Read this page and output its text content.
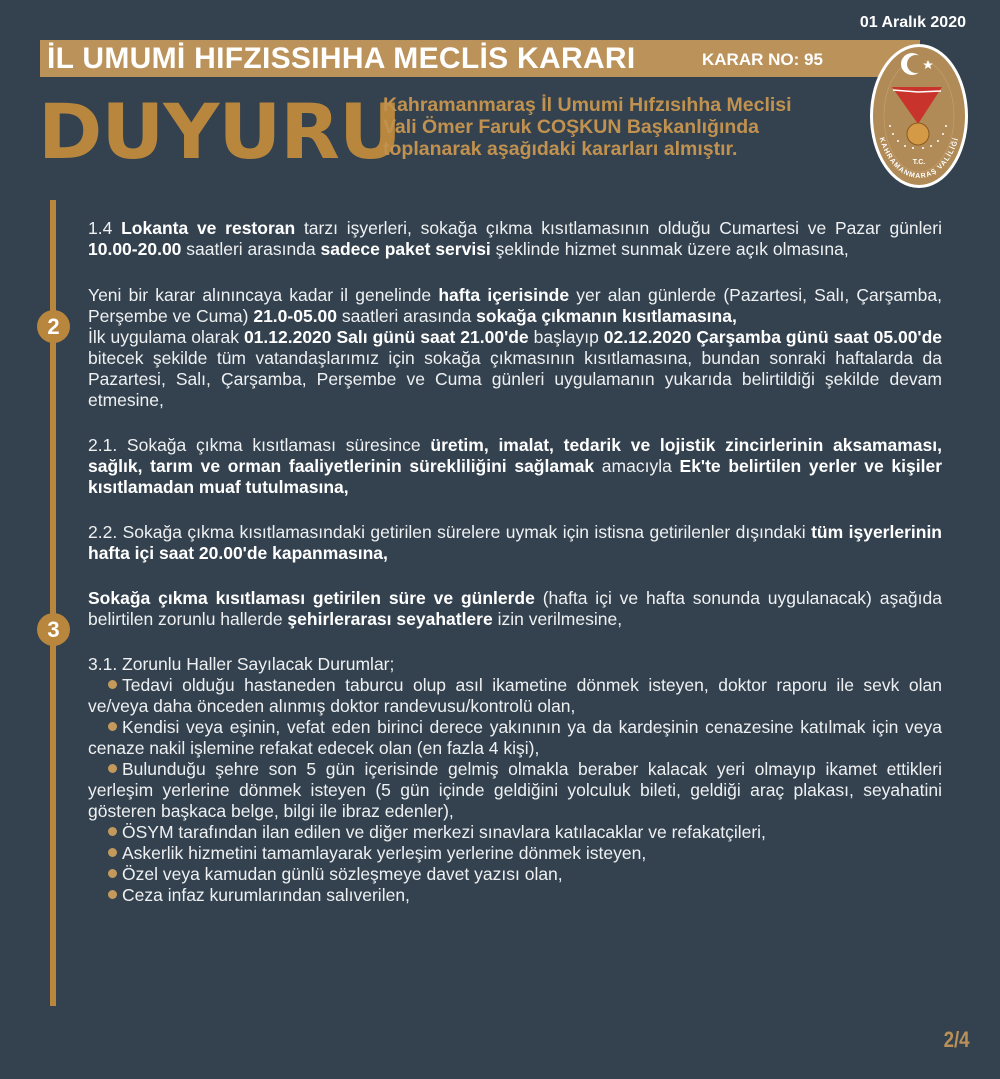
01 Aralık 2020
İL UMUMİ HIFZISSIHHA MECLİS KARARI	KARAR NO: 95
DUYURU
Kahramanmaraş İl Umumi Hıfzısıhha Meclisi
Vali Ömer Faruk COŞKUN Başkanlığında
toplanarak aşağıdaki kararları almıştır.
T.C.
KAHRAMANMARAŞ VALİLİĞİ
2
3
1.4 Lokanta ve restoran tarzı işyerleri, sokağa çıkma kısıtlamasının olduğu Cumartesi ve Pazar günleri 10.00-20.00 saatleri arasında sadece paket servisi şeklinde hizmet sunmak üzere açık olmasına,
Yeni bir karar alınıncaya kadar il genelinde hafta içerisinde yer alan günlerde (Pazartesi, Salı, Çarşamba, Perşembe ve Cuma) 21.0-05.00 saatleri arasında sokağa çıkmanın kısıtlamasına,
İlk uygulama olarak 01.12.2020 Salı günü saat 21.00'de başlayıp 02.12.2020 Çarşamba günü saat 05.00'de bitecek şekilde tüm vatandaşlarımız için sokağa çıkmasının kısıtlamasına, bundan sonraki haftalarda da Pazartesi, Salı, Çarşamba, Perşembe ve Cuma günleri uygulamanın yukarıda belirtildiği şekilde devam etmesine,
2.1. Sokağa çıkma kısıtlaması süresince üretim, imalat, tedarik ve lojistik zincirlerinin aksamaması, sağlık, tarım ve orman faaliyetlerinin sürekliliğini sağlamak amacıyla Ek'te belirtilen yerler ve kişiler kısıtlamadan muaf tutulmasına,
2.2. Sokağa çıkma kısıtlamasındaki getirilen sürelere uymak için istisna getirilenler dışındaki tüm işyerlerinin hafta içi saat 20.00'de kapanmasına,
Sokağa çıkma kısıtlaması getirilen süre ve günlerde (hafta içi ve hafta sonunda uygulanacak) aşağıda belirtilen zorunlu hallerde şehirlerarası seyahatlere izin verilmesine,
3.1. Zorunlu Haller Sayılacak Durumlar;
Tedavi olduğu hastaneden taburcu olup asıl ikametine dönmek isteyen, doktor raporu ile sevk olan ve/veya daha önceden alınmış doktor randevusu/kontrolü olan,
Kendisi veya eşinin, vefat eden birinci derece yakınının ya da kardeşinin cenazesine katılmak için veya cenaze nakil işlemine refakat edecek olan (en fazla 4 kişi),
Bulunduğu şehre son 5 gün içerisinde gelmiş olmakla beraber kalacak yeri olmayıp ikamet ettikleri yerleşim yerlerine dönmek isteyen (5 gün içinde geldiğini yolculuk bileti, geldiği araç plakası, seyahatini gösteren başkaca belge, bilgi ile ibraz edenler),
ÖSYM tarafından ilan edilen ve diğer merkezi sınavlara katılacaklar ve refakatçileri,
Askerlik hizmetini tamamlayarak yerleşim yerlerine dönmek isteyen,
Özel veya kamudan günlü sözleşmeye davet yazısı olan,
Ceza infaz kurumlarından salıverilen,
2/4
